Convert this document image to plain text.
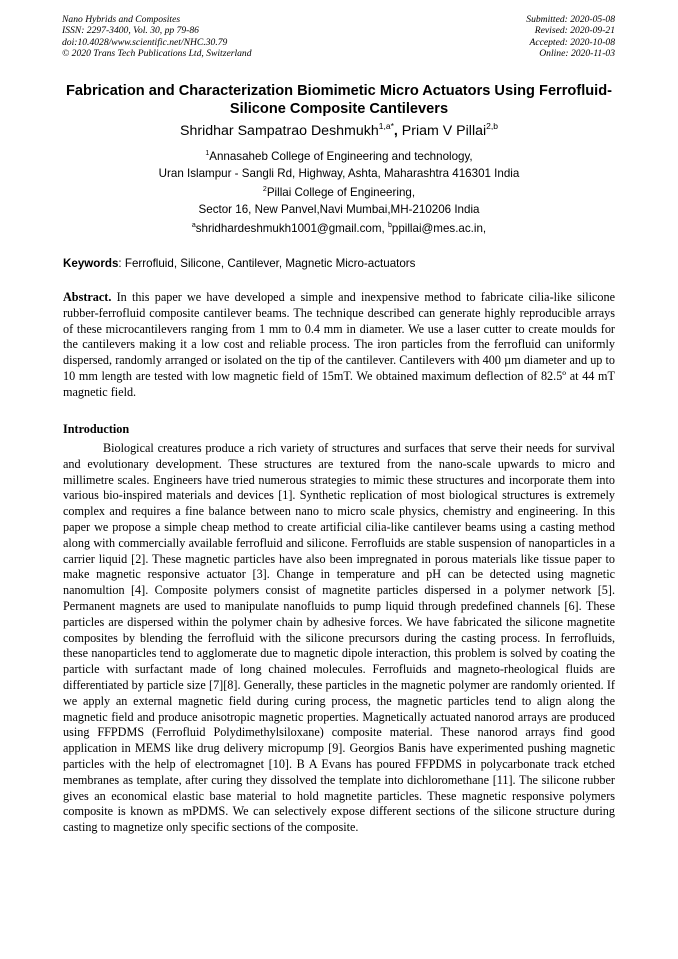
Nano Hybrids and Composites
ISSN: 2297-3400, Vol. 30, pp 79-86
doi:10.4028/www.scientific.net/NHC.30.79
© 2020 Trans Tech Publications Ltd, Switzerland
Submitted: 2020-05-08
Revised: 2020-09-21
Accepted: 2020-10-08
Online: 2020-11-03
Fabrication and Characterization Biomimetic Micro Actuators Using Ferrofluid-Silicone Composite Cantilevers
Shridhar Sampatrao Deshmukh$^{1,a*}$, Priam V Pillai$^{2,b}$
$^1$Annasaheb College of Engineering and technology,
Uran Islampur - Sangli Rd, Highway, Ashta, Maharashtra 416301 India
$^2$Pillai College of Engineering,
Sector 16, New Panvel,Navi Mumbai,MH-210206 India
$^a$shridhardeshmukh1001@gmail.com, $^b$ppillai@mes.ac.in,
Keywords: Ferrofluid, Silicone, Cantilever, Magnetic Micro-actuators
Abstract. In this paper we have developed a simple and inexpensive method to fabricate cilia-like silicone rubber-ferrofluid composite cantilever beams. The technique described can generate highly reproducible arrays of these microcantilevers ranging from 1 mm to 0.4 mm in diameter. We use a laser cutter to create moulds for the cantilevers making it a low cost and reliable process. The iron particles from the ferrofluid can uniformly dispersed, randomly arranged or isolated on the tip of the cantilever. Cantilevers with 400 µm diameter and up to 10 mm length are tested with low magnetic field of 15mT. We obtained maximum deflection of 82.5º at 44 mT magnetic field.
Introduction
Biological creatures produce a rich variety of structures and surfaces that serve their needs for survival and evolutionary development. These structures are textured from the nano-scale upwards to micro and millimetre scales. Engineers have tried numerous strategies to mimic these structures and incorporate them into various bio-inspired materials and devices [1]. Synthetic replication of most biological structures is extremely complex and requires a fine balance between nano to micro scale physics, chemistry and engineering. In this paper we propose a simple cheap method to create artificial cilia-like cantilever beams using a casting method along with commercially available ferrofluid and silicone. Ferrofluids are stable suspension of nanoparticles in a carrier liquid [2]. These magnetic particles have also been impregnated in porous materials like tissue paper to make magnetic responsive actuator [3]. Change in temperature and pH can be detected using magnetic nanomultion [4]. Composite polymers consist of magnetite particles dispersed in a polymer network [5]. Permanent magnets are used to manipulate nanofluids to pump liquid through predefined channels [6]. These particles are dispersed within the polymer chain by adhesive forces. We have fabricated the silicone magnetite composites by blending the ferrofluid with the silicone precursors during the casting process. In ferrofluids, these nanoparticles tend to agglomerate due to magnetic dipole interaction, this problem is solved by coating the particle with surfactant made of long chained molecules. Ferrofluids and magneto-rheological fluids are differentiated by particle size [7][8]. Generally, these particles in the magnetic polymer are randomly oriented. If we apply an external magnetic field during curing process, the magnetic particles tend to align along the magnetic field and produce anisotropic magnetic properties. Magnetically actuated nanorod arrays are produced using FFPDMS (Ferrofluid Polydimethylsiloxane) composite material. These nanorod arrays find good application in MEMS like drug delivery micropump [9]. Georgios Banis have experimented pushing magnetic particles with the help of electromagnet [10]. B A Evans has poured FFPDMS in polycarbonate track etched membranes as template, after curing they dissolved the template into dichloromethane [11]. The silicone rubber gives an economical elastic base material to hold magnetite particles. These magnetic responsive polymers composite is known as mPDMS. We can selectively expose different sections of the silicone structure during casting to magnetize only specific sections of the composite.
